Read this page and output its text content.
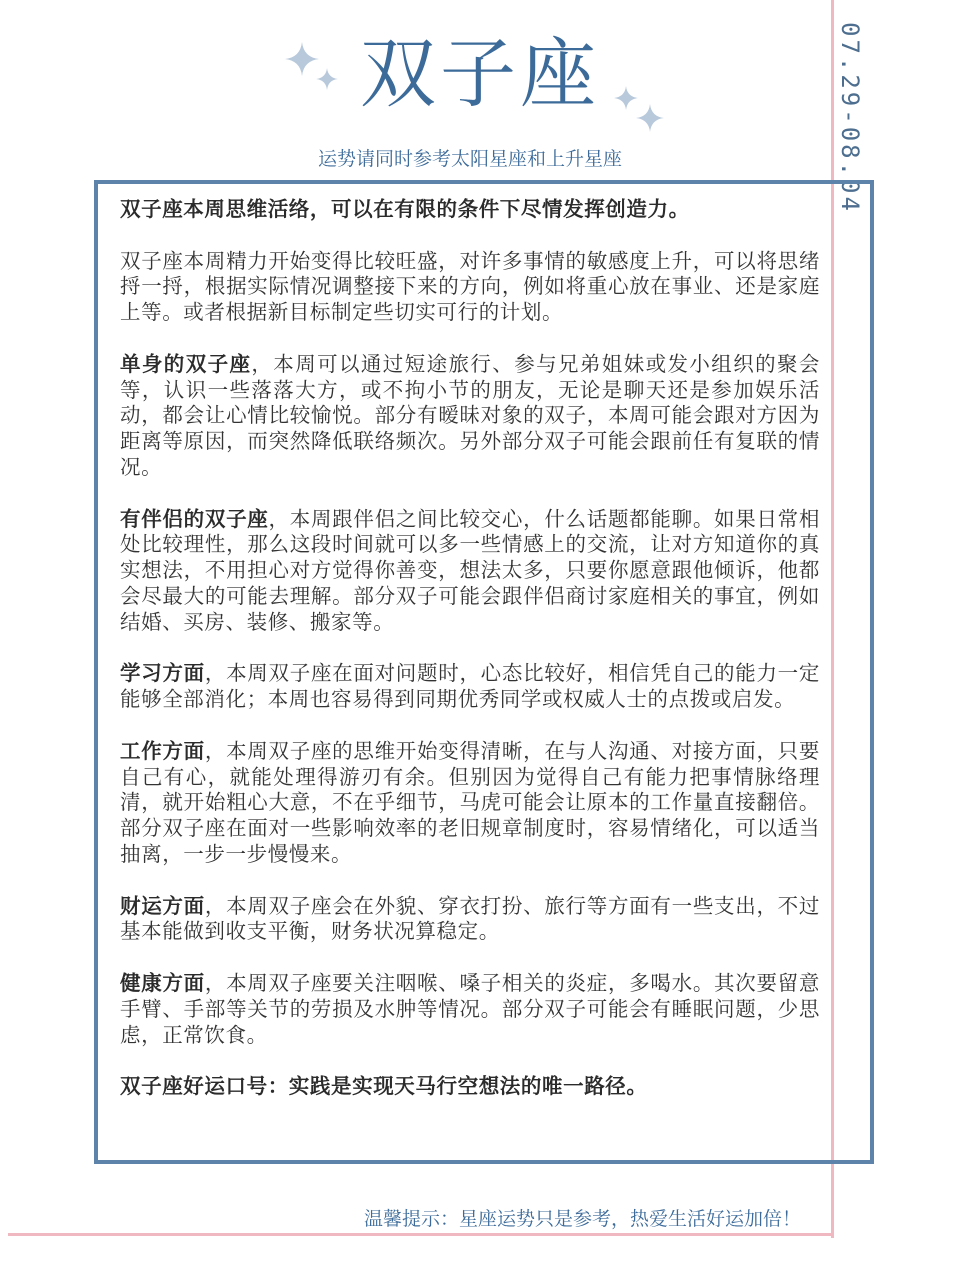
07.29-08.04
双子座
运势请同时参考太阳星座和上升星座

双子座本周思维活络，可以在有限的条件下尽情发挥创造力。

双子座本周精力开始变得比较旺盛，对许多事情的敏感度上升，可以将思绪捋一捋，根据实际情况调整接下来的方向，例如将重心放在事业、还是家庭上等。或者根据新目标制定些切实可行的计划。

单身的双子座，本周可以通过短途旅行、参与兄弟姐妹或发小组织的聚会等，认识一些落落大方，或不拘小节的朋友，无论是聊天还是参加娱乐活动，都会让心情比较愉悦。部分有暧昧对象的双子，本周可能会跟对方因为距离等原因，而突然降低联络频次。另外部分双子可能会跟前任有复联的情况。

有伴侣的双子座，本周跟伴侣之间比较交心，什么话题都能聊。如果日常相处比较理性，那么这段时间就可以多一些情感上的交流，让对方知道你的真实想法，不用担心对方觉得你善变，想法太多，只要你愿意跟他倾诉，他都会尽最大的可能去理解。部分双子可能会跟伴侣商讨家庭相关的事宜，例如结婚、买房、装修、搬家等。

学习方面，本周双子座在面对问题时，心态比较好，相信凭自己的能力一定能够全部消化；本周也容易得到同期优秀同学或权威人士的点拨或启发。

工作方面，本周双子座的思维开始变得清晰，在与人沟通、对接方面，只要自己有心，就能处理得游刃有余。但别因为觉得自己有能力把事情脉络理清，就开始粗心大意，不在乎细节，马虎可能会让原本的工作量直接翻倍。部分双子座在面对一些影响效率的老旧规章制度时，容易情绪化，可以适当抽离，一步一步慢慢来。

财运方面，本周双子座会在外貌、穿衣打扮、旅行等方面有一些支出，不过基本能做到收支平衡，财务状况算稳定。

健康方面，本周双子座要关注咽喉、嗓子相关的炎症，多喝水。其次要留意手臂、手部等关节的劳损及水肿等情况。部分双子可能会有睡眠问题，少思虑，正常饮食。

双子座好运口号：实践是实现天马行空想法的唯一路径。

温馨提示：星座运势只是参考，热爱生活好运加倍！
